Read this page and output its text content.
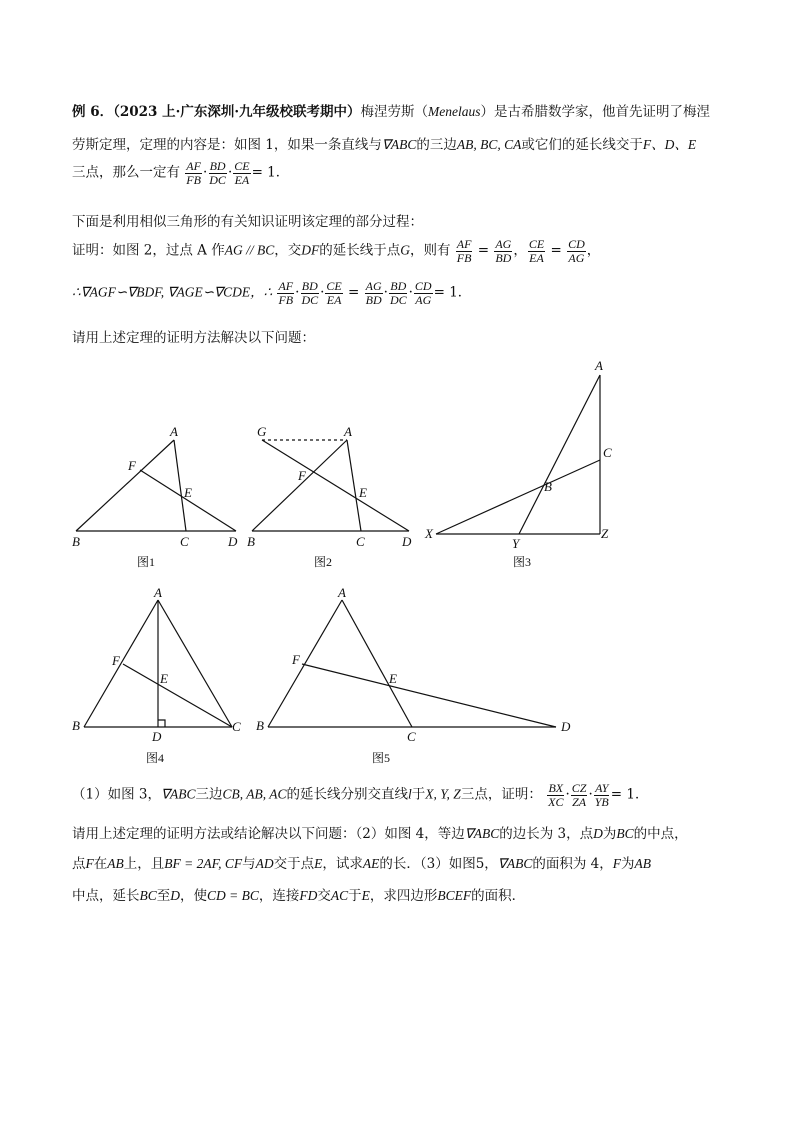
例 6．（2023 上·广东深圳·九年级校联考期中）梅涅劳斯（Menelaus）是古希腊数学家，他首先证明了梅涅
劳斯定理，定理的内容是：如图 1，如果一条直线与∇ABC的三边AB, BC, CA或它们的延长线交于F、D、E
三点，那么一定有 $\frac{AF}{FB} \cdot \frac{BD}{DC} \cdot \frac{CE}{EA} = 1$．
下面是利用相似三角形的有关知识证明该定理的部分过程：
证明：如图 2，过点 A 作AG // BC，交DF的延长线于点G，则有 $\frac{AF}{FB} = \frac{AG}{BD}$ ， $\frac{CE}{EA} = \frac{CD}{AG}$ ，
∴∇AGF∽∇BDF, ∇AGE∽∇CDE，∴ $\frac{AF}{FB} \cdot \frac{BD}{DC} \cdot \frac{CE}{EA} = \frac{AG}{BD} \cdot \frac{BD}{DC} \cdot \frac{CD}{AG} = 1$．
请用上述定理的证明方法解决以下问题：
A
F
E
B	C	D
G	A
F
E
B	C	D
A
C
B
X
Y
Z
A
F
E
B
D
C
A
F
E
B
C
D
图1	图2	图3
图4	图5
（1）如图 3，∇ABC三边CB, AB, AC的延长线分别交直线l于X, Y, Z三点，证明： $\frac{BX}{XC} \cdot \frac{CZ}{ZA} \cdot \frac{AY}{YB} = 1$．
请用上述定理的证明方法或结论解决以下问题：（2）如图 4，等边∇ABC的边长为 3，点D为BC的中点，
点F在AB上，且BF = 2AF, CF与AD交于点E，试求AE的长．（3）如图5，∇ABC的面积为 4，F为AB
中点，延长BC至D，使CD = BC，连接FD交AC于E，求四边形BCEF的面积．
